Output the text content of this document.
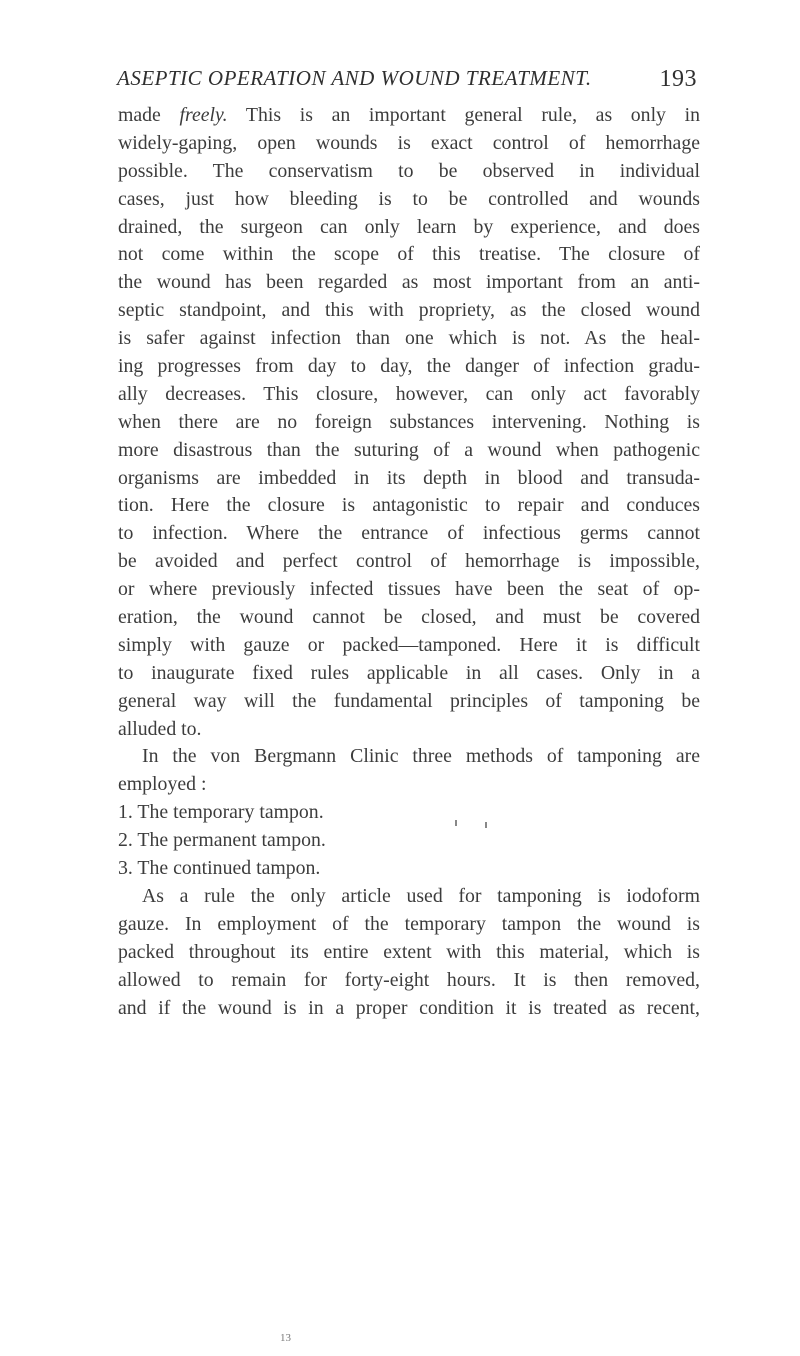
ASEPTIC OPERATION AND WOUND TREATMENT.	193
made freely. This is an important general rule, as only in
widely-gaping, open wounds is exact control of hemorrhage
possible. The conservatism to be observed in individual
cases, just how bleeding is to be controlled and wounds
drained, the surgeon can only learn by experience, and does
not come within the scope of this treatise. The closure of
the wound has been regarded as most important from an anti-
septic standpoint, and this with propriety, as the closed wound
is safer against infection than one which is not. As the heal-
ing progresses from day to day, the danger of infection gradu-
ally decreases. This closure, however, can only act favorably
when there are no foreign substances intervening. Nothing is
more disastrous than the suturing of a wound when pathogenic
organisms are imbedded in its depth in blood and transuda-
tion. Here the closure is antagonistic to repair and conduces
to infection. Where the entrance of infectious germs cannot
be avoided and perfect control of hemorrhage is impossible,
or where previously infected tissues have been the seat of op-
eration, the wound cannot be closed, and must be covered
simply with gauze or packed—tamponed. Here it is difficult
to inaugurate fixed rules applicable in all cases. Only in a
general way will the fundamental principles of tamponing be
alluded to.
In the von Bergmann Clinic three methods of tamponing are
employed :
1. The temporary tampon.
2. The permanent tampon.
3. The continued tampon.
As a rule the only article used for tamponing is iodoform
gauze. In employment of the temporary tampon the wound is
packed throughout its entire extent with this material, which is
allowed to remain for forty-eight hours. It is then removed,
and if the wound is in a proper condition it is treated as recent,
13
